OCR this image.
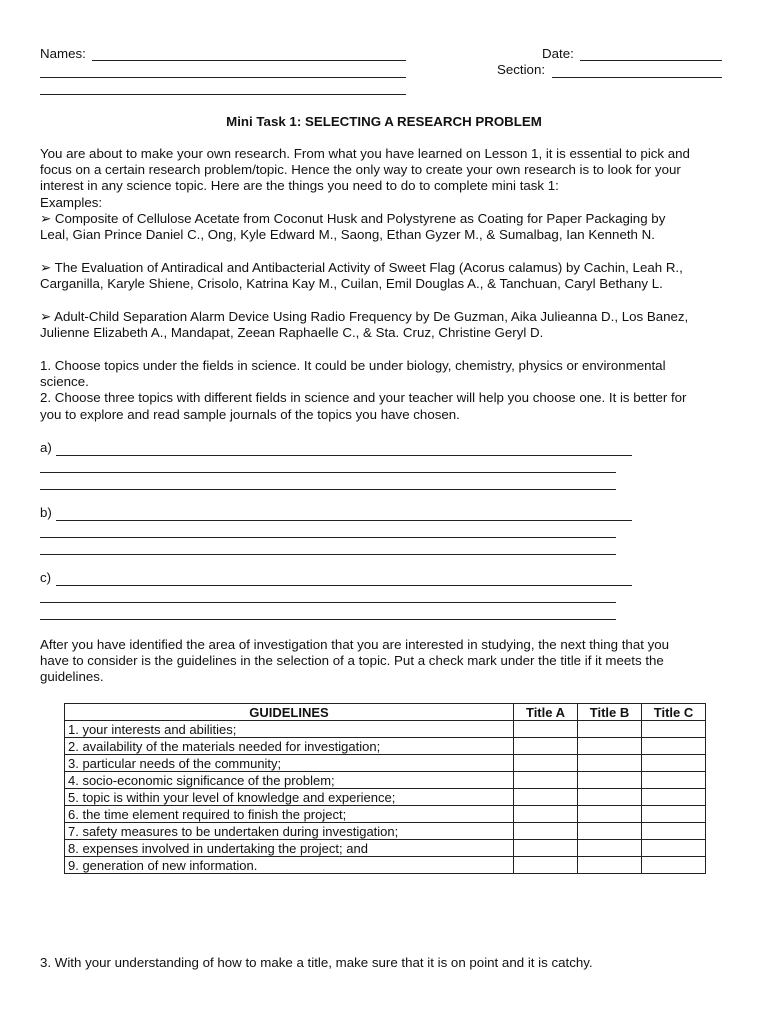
Names:	Date:
Section:
Mini Task 1: SELECTING A RESEARCH PROBLEM
You are about to make your own research. From what you have learned on Lesson 1, it is essential to pick and
focus on a certain research problem/topic. Hence the only way to create your own research is to look for your
interest in any science topic. Here are the things you need to do to complete mini task 1:
Examples:
➢ Composite of Cellulose Acetate from Coconut Husk and Polystyrene as Coating for Paper Packaging by
Leal, Gian Prince Daniel C., Ong, Kyle Edward M., Saong, Ethan Gyzer M., & Sumalbag, Ian Kenneth N.
➢ The Evaluation of Antiradical and Antibacterial Activity of Sweet Flag (Acorus calamus) by Cachin, Leah R.,
Carganilla, Karyle Shiene, Crisolo, Katrina Kay M., Cuilan, Emil Douglas A., & Tanchuan, Caryl Bethany L.
➢ Adult-Child Separation Alarm Device Using Radio Frequency by De Guzman, Aika Julieanna D., Los Banez,
Julienne Elizabeth A., Mandapat, Zeean Raphaelle C., & Sta. Cruz, Christine Geryl D.
1. Choose topics under the fields in science. It could be under biology, chemistry, physics or environmental
science.
2. Choose three topics with different fields in science and your teacher will help you choose one. It is better for
you to explore and read sample journals of the topics you have chosen.
a)
b)
c)
After you have identified the area of investigation that you are interested in studying, the next thing that you
have to consider is the guidelines in the selection of a topic. Put a check mark under the title if it meets the
guidelines.
GUIDELINES	Title A	Title B	Title C
1. your interests and abilities;			
2. availability of the materials needed for investigation;			
3. particular needs of the community;			
4. socio-economic significance of the problem;			
5. topic is within your level of knowledge and experience;			
6. the time element required to finish the project;			
7. safety measures to be undertaken during investigation;			
8. expenses involved in undertaking the project; and			
9. generation of new information.			
3. With your understanding of how to make a title, make sure that it is on point and it is catchy.
